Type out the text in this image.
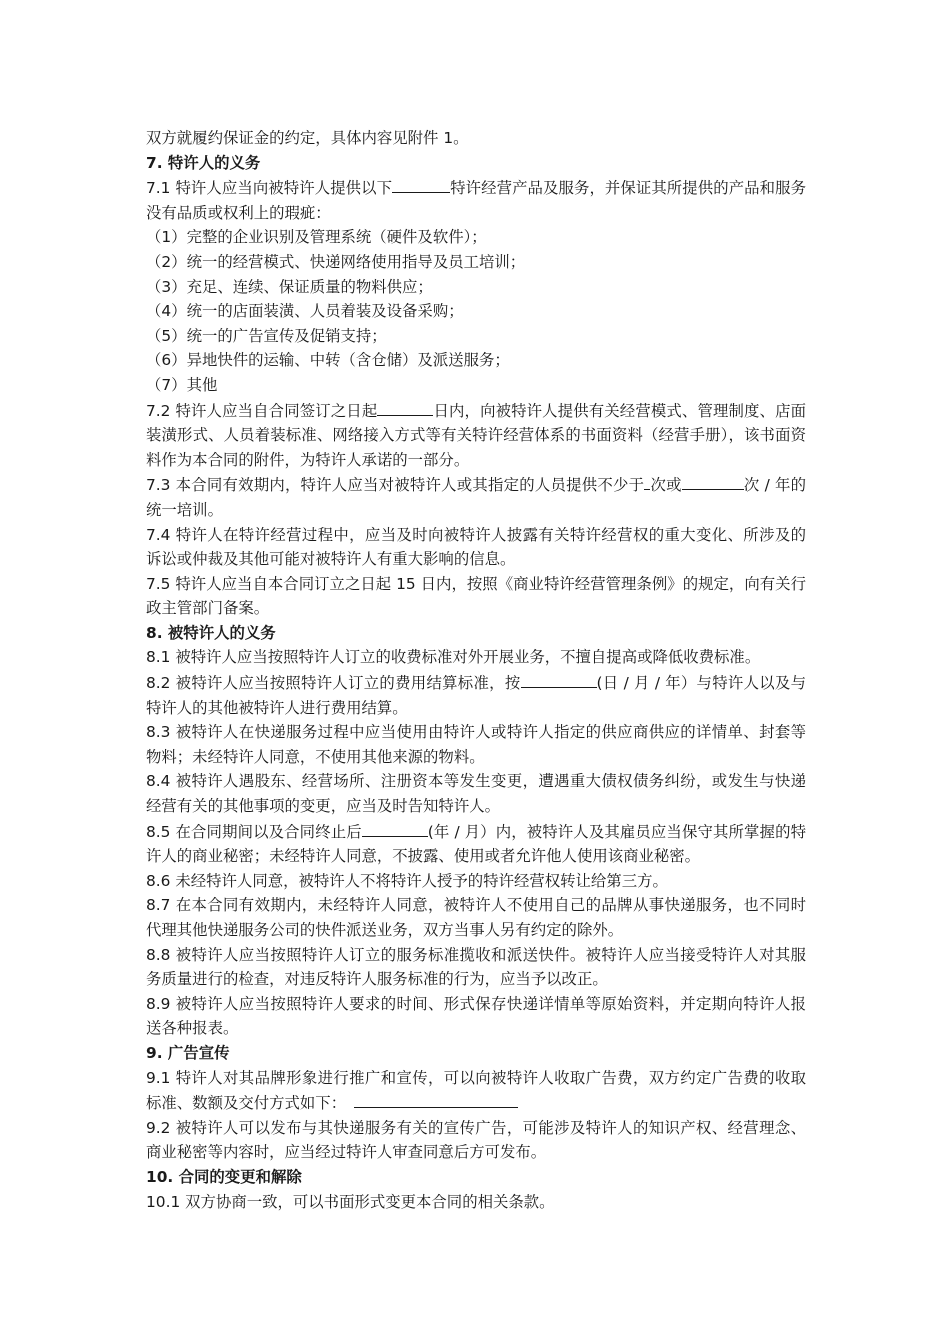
双方就履约保证金的约定，具体内容见附件 1。

7. 特许人的义务

7.1 特许人应当向被特许人提供以下	特许经营产品及服务，并保证其所提供的产品和服务没有品质或权利上的瑕疵：

（1）完整的企业识别及管理系统（硬件及软件）；

（2）统一的经营模式、快递网络使用指导及员工培训；

（3）充足、连续、保证质量的物料供应；

（4）统一的店面装潢、人员着装及设备采购；

（5）统一的广告宣传及促销支持；

（6）异地快件的运输、中转（含仓储）及派送服务；

（7）其他

7.2 特许人应当自合同签订之日起	日内，向被特许人提供有关经营模式、管理制度、店面装潢形式、人员着装标准、网络接入方式等有关特许经营体系的书面资料（经营手册），该书面资料作为本合同的附件，为特许人承诺的一部分。

7.3 本合同有效期内，特许人应当对被特许人或其指定的人员提供不少于 次或	次 / 年的统一培训。

7.4 特许人在特许经营过程中，应当及时向被特许人披露有关特许经营权的重大变化、所涉及的诉讼或仲裁及其他可能对被特许人有重大影响的信息。

7.5 特许人应当自本合同订立之日起 15 日内，按照《商业特许经营管理条例》的规定，向有关行政主管部门备案。

8. 被特许人的义务

8.1 被特许人应当按照特许人订立的收费标准对外开展业务，不擅自提高或降低收费标准。

8.2 被特许人应当按照特许人订立的费用结算标准，按	(日 / 月 / 年）与特许人以及与特许人的其他被特许人进行费用结算。

8.3 被特许人在快递服务过程中应当使用由特许人或特许人指定的供应商供应的详情单、封套等物料；未经特许人同意，不使用其他来源的物料。

8.4 被特许人遇股东、经营场所、注册资本等发生变更，遭遇重大债权债务纠纷，或发生与快递经营有关的其他事项的变更，应当及时告知特许人。

8.5 在合同期间以及合同终止后	(年 / 月）内，被特许人及其雇员应当保守其所掌握的特许人的商业秘密；未经特许人同意，不披露、使用或者允许他人使用该商业秘密。

8.6 未经特许人同意，被特许人不将特许人授予的特许经营权转让给第三方。

8.7 在本合同有效期内，未经特许人同意，被特许人不使用自己的品牌从事快递服务，也不同时代理其他快递服务公司的快件派送业务，双方当事人另有约定的除外。

8.8 被特许人应当按照特许人订立的服务标准揽收和派送快件。被特许人应当接受特许人对其服务质量进行的检查，对违反特许人服务标准的行为，应当予以改正。

8.9 被特许人应当按照特许人要求的时间、形式保存快递详情单等原始资料，并定期向特许人报送各种报表。

9. 广告宣传

9.1 特许人对其品牌形象进行推广和宣传，可以向被特许人收取广告费，双方约定广告费的收取标准、数额及交付方式如下：

9.2 被特许人可以发布与其快递服务有关的宣传广告，可能涉及特许人的知识产权、经营理念、商业秘密等内容时，应当经过特许人审查同意后方可发布。

10. 合同的变更和解除

10.1 双方协商一致，可以书面形式变更本合同的相关条款。
